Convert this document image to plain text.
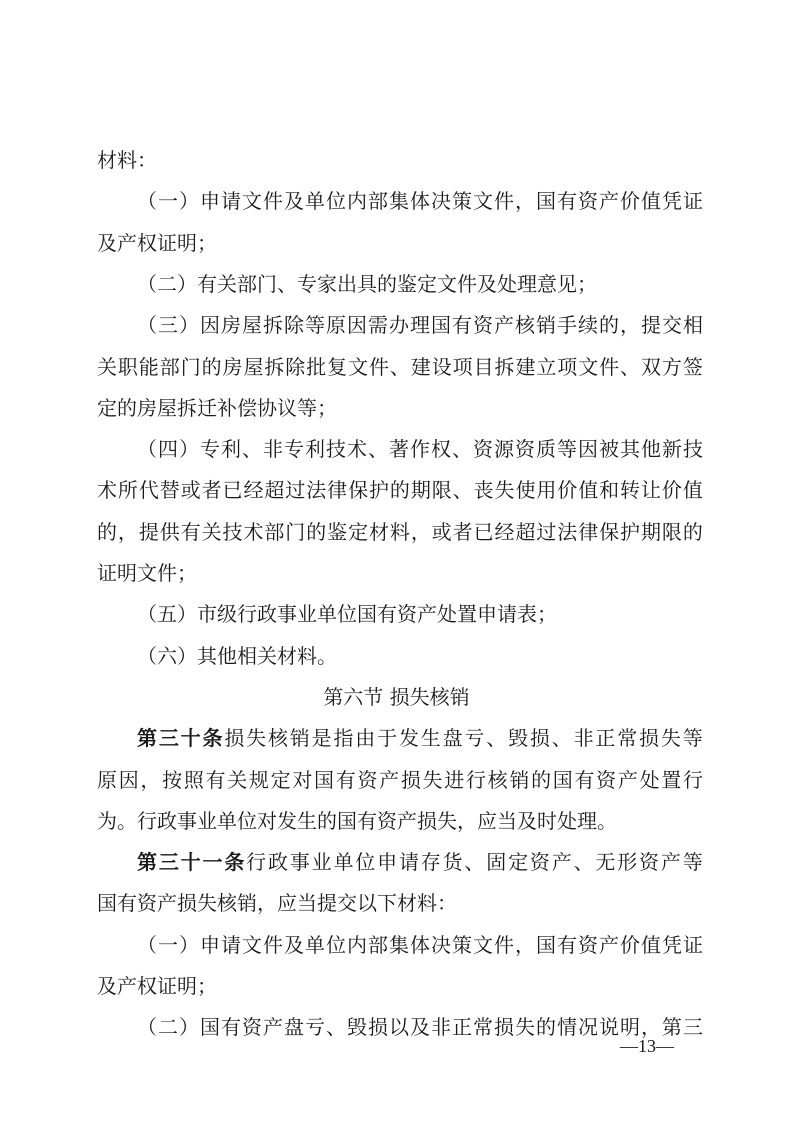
材料：
（ 一 ） 申 请 文 件 及 单 位 内 部 集 体 决 策 文 件 ， 国 有 资 产 价 值 凭 证
及产权证明；
（二）有关部门、专家出具的鉴定文件及处理意见；
（ 三 ） 因 房 屋 拆 除 等 原 因 需 办 理 国 有 资 产 核 销 手 续 的 ， 提 交 相
关 职 能 部 门 的 房 屋 拆 除 批 复 文 件 、 建 设 项 目 拆 建 立 项 文 件 、 双 方 签
定的房屋拆迁补偿协议等；
（ 四 ） 专 利 、 非 专 利 技 术 、 著 作 权 、 资 源 资 质 等 因 被 其 他 新 技
术 所 代 替 或 者 已 经 超 过 法 律 保 护 的 期 限 、 丧 失 使 用 价 值 和 转 让 价 值
的 ， 提 供 有 关 技 术 部 门 的 鉴 定 材 料 ， 或 者 已 经 超 过 法 律 保 护 期 限 的
证明文件；
（五）市级行政事业单位国有资产处置申请表；
（六）其他相关材料。
第六节 损失核销
第 三 十 条 损 失 核 销 是 指 由 于 发 生 盘 亏 、 毁 损 、 非 正 常 损 失 等
原 因 ， 按 照 有 关 规 定 对 国 有 资 产 损 失 进 行 核 销 的 国 有 资 产 处 置 行
为。行政事业单位对发生的国有资产损失，应当及时处理。
第 三 十 一 条 行 政 事 业 单 位 申 请 存 货 、 固 定 资 产 、 无 形 资 产 等
国有资产损失核销，应当提交以下材料：
（ 一 ） 申 请 文 件 及 单 位 内 部 集 体 决 策 文 件 ， 国 有 资 产 价 值 凭 证
及产权证明；
（ 二 ） 国 有 资 产 盘 亏 、 毁 损 以 及 非 正 常 损 失 的 情 况 说 明 ， 第 三
—13—
